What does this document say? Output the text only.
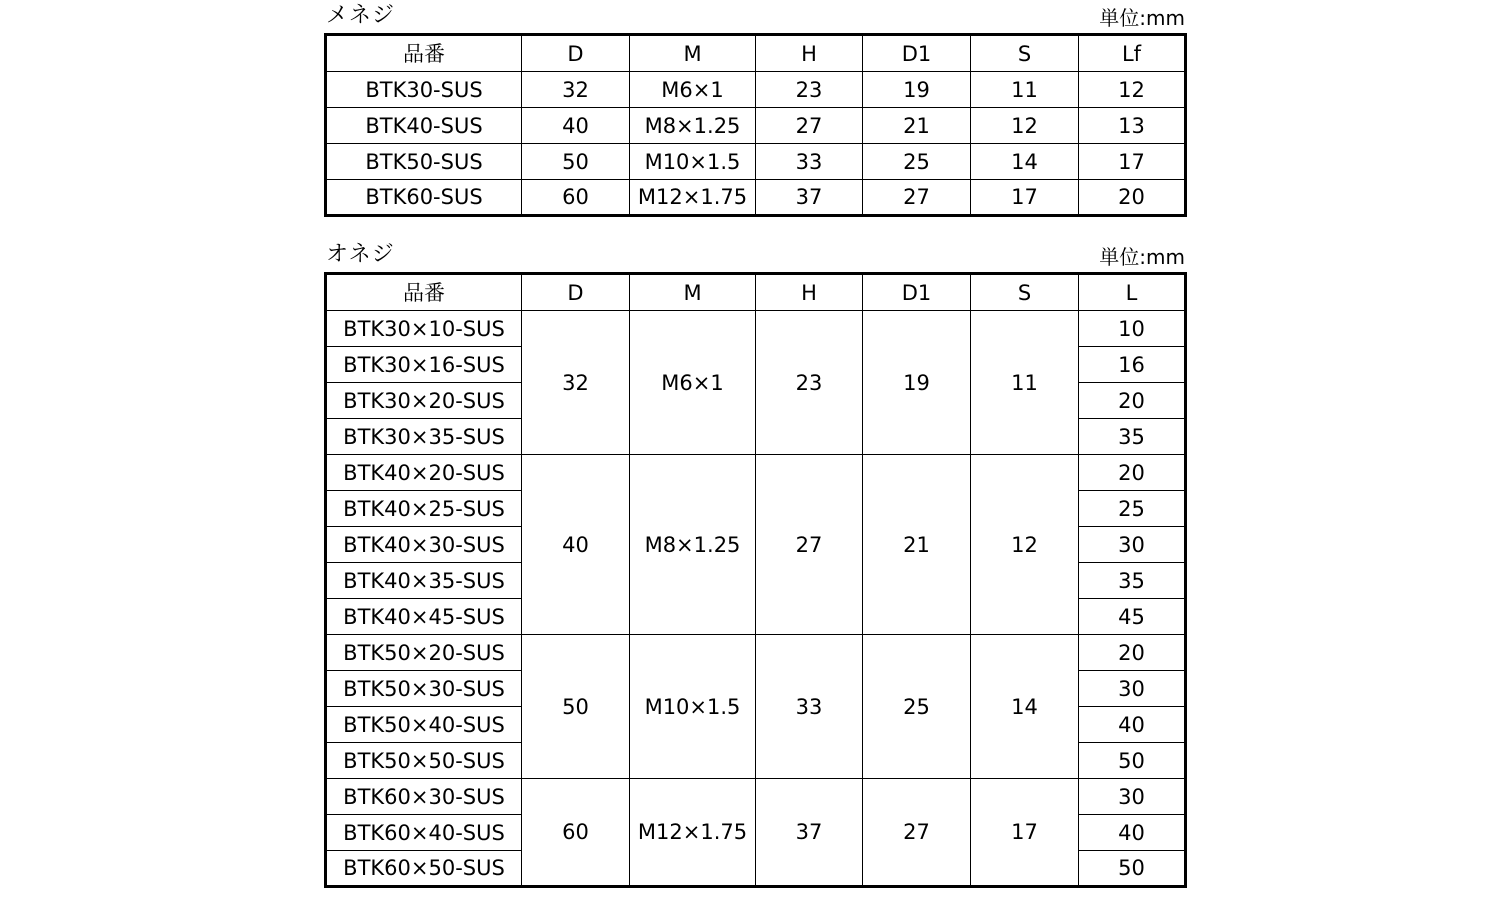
メネジ	単位:mm
品番	D	M	H	D1	S	Lf
BTK30-SUS	32	M6×1	23	19	11	12
BTK40-SUS	40	M8×1.25	27	21	12	13
BTK50-SUS	50	M10×1.5	33	25	14	17
BTK60-SUS	60	M12×1.75	37	27	17	20
オネジ	単位:mm
品番	D	M	H	D1	S	L
BTK30×10-SUS	32	M6×1	23	19	11	10
BTK30×16-SUS						16
BTK30×20-SUS						20
BTK30×35-SUS						35
BTK40×20-SUS	40	M8×1.25	27	21	12	20
BTK40×25-SUS						25
BTK40×30-SUS						30
BTK40×35-SUS						35
BTK40×45-SUS						45
BTK50×20-SUS	50	M10×1.5	33	25	14	20
BTK50×30-SUS						30
BTK50×40-SUS						40
BTK50×50-SUS						50
BTK60×30-SUS	60	M12×1.75	37	27	17	30
BTK60×40-SUS						40
BTK60×50-SUS						50
